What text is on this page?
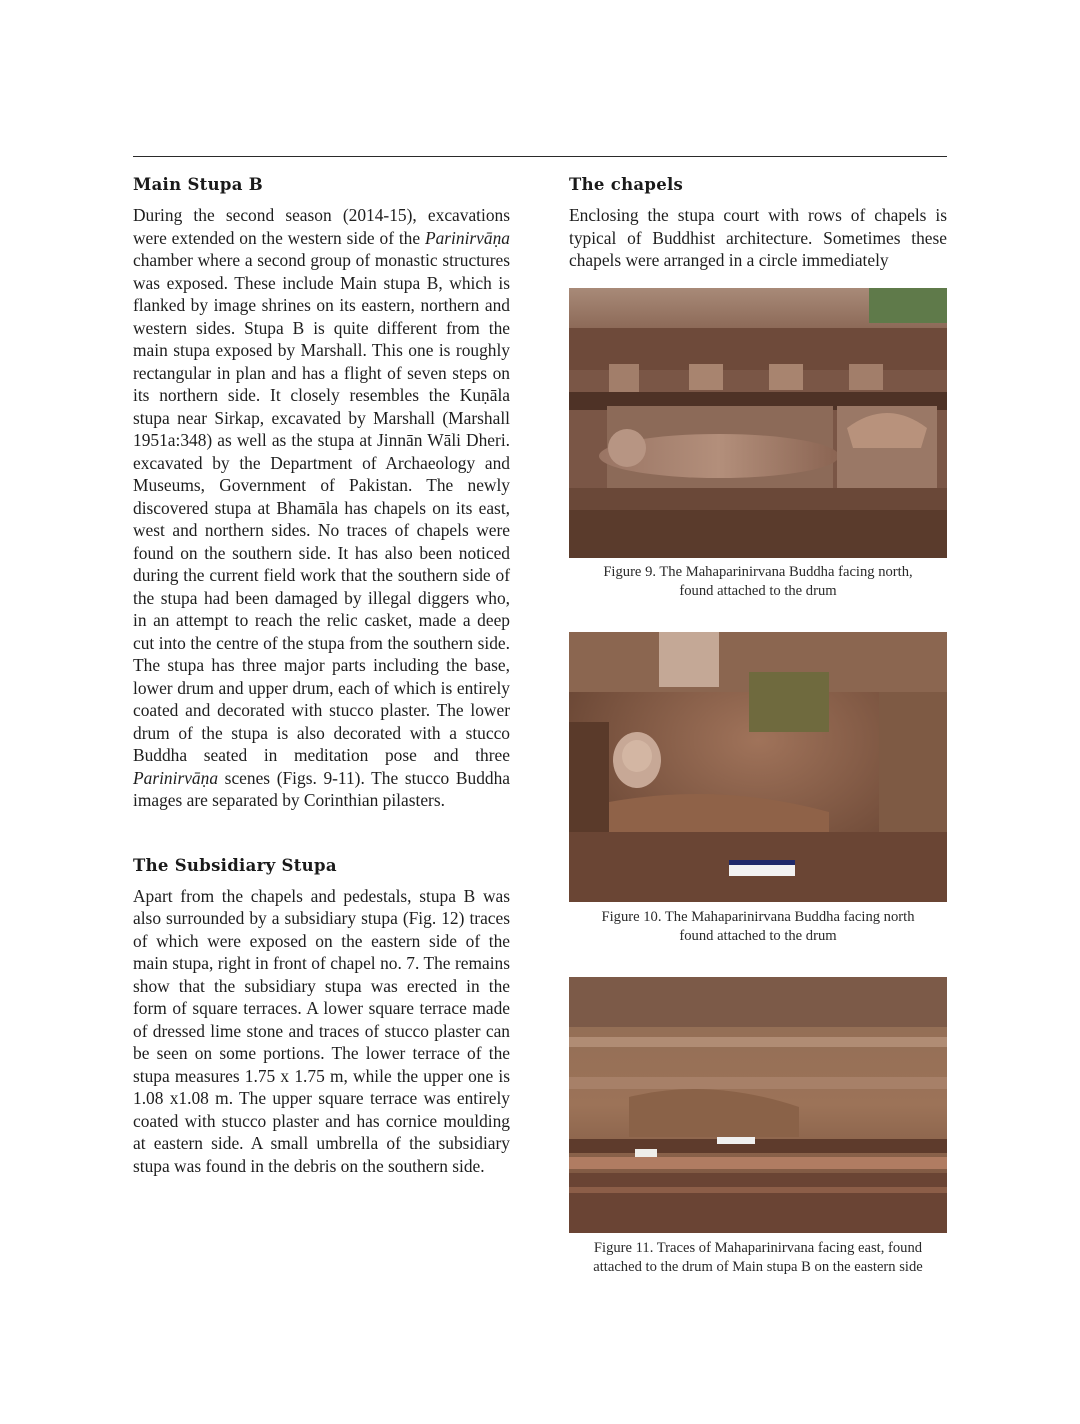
Main Stupa B

During the second season (2014-15), excavations were extended on the western side of the Parinirvāṇa chamber where a second group of monastic structures was exposed. These include Main stupa B, which is flanked by image shrines on its eastern, northern and western sides. Stupa B is quite different from the main stupa exposed by Marshall. This one is roughly rectangular in plan and has a flight of seven steps on its northern side. It closely resembles the Kuṇāla stupa near Sirkap, excavated by Marshall (Marshall 1951a:348) as well as the stupa at Jinnān Wāli Dheri. excavated by the Department of Archaeology and Museums, Government of Pakistan. The newly discovered stupa at Bhamāla has chapels on its east, west and northern sides. No traces of chapels were found on the southern side. It has also been noticed during the current field work that the southern side of the stupa had been damaged by illegal diggers who, in an attempt to reach the relic casket, made a deep cut into the centre of the stupa from the southern side. The stupa has three major parts including the base, lower drum and upper drum, each of which is entirely coated and decorated with stucco plaster. The lower drum of the stupa is also decorated with a stucco Buddha seated in meditation pose and three Parinirvāṇa scenes (Figs. 9-11). The stucco Buddha images are separated by Corinthian pilasters.

The Subsidiary Stupa

Apart from the chapels and pedestals, stupa B was also surrounded by a subsidiary stupa (Fig. 12) traces of which were exposed on the eastern side of the main stupa, right in front of chapel no. 7. The remains show that the subsidiary stupa was erected in the form of square terraces. A lower square terrace made of dressed lime stone and traces of stucco plaster can be seen on some portions. The lower terrace of the stupa measures 1.75 x 1.75 m, while the upper one is 1.08 x1.08 m. The upper square terrace was entirely coated with stucco plaster and has cornice moulding at eastern side. A small umbrella of the subsidiary stupa was found in the debris on the southern side.

The chapels

Enclosing the stupa court with rows of chapels is typical of Buddhist architecture. Sometimes these chapels were arranged in a circle immediately

Figure 9. The Mahaparinirvana Buddha facing north,
found attached to the drum
Figure 10. The Mahaparinirvana Buddha facing north
found attached to the drum
Figure 11. Traces of Mahaparinirvana facing east, found
attached to the drum of Main stupa B on the eastern side
